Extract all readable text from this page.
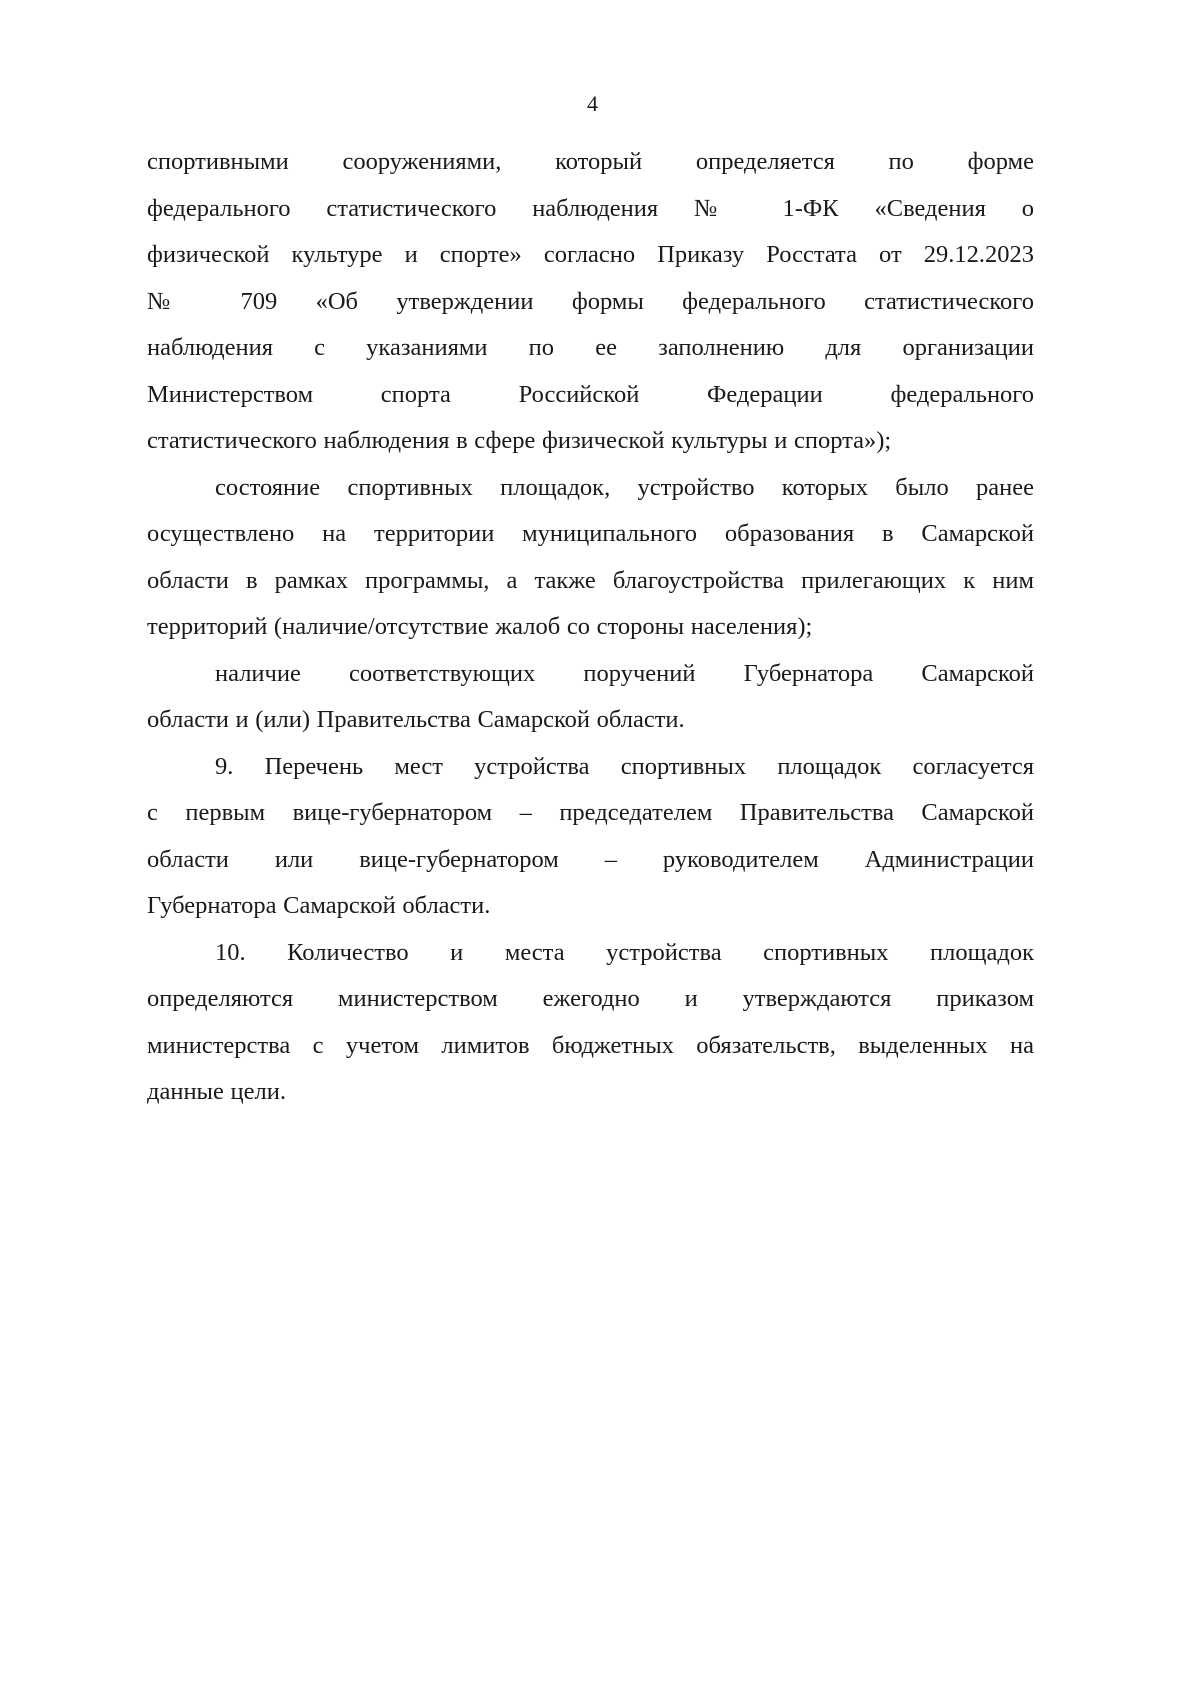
4
спортивными сооружениями, который определяется по форме
федерального статистического наблюдения № 1-ФК «Сведения о
физической культуре и спорте» согласно Приказу Росстата от 29.12.2023
№ 709 «Об утверждении формы федерального статистического
наблюдения с указаниями по ее заполнению для организации
Министерством спорта Российской Федерации федерального
статистического наблюдения в сфере физической культуры и спорта»);
состояние спортивных площадок, устройство которых было ранее
осуществлено на территории муниципального образования в Самарской
области в рамках программы, а также благоустройства прилегающих к ним
территорий (наличие/отсутствие жалоб со стороны населения);
наличие соответствующих поручений Губернатора Самарской
области и (или) Правительства Самарской области.
9. Перечень мест устройства спортивных площадок согласуется
с первым вице-губернатором – председателем Правительства Самарской
области или вице-губернатором – руководителем Администрации
Губернатора Самарской области.
10. Количество и места устройства спортивных площадок
определяются министерством ежегодно и утверждаются приказом
министерства с учетом лимитов бюджетных обязательств, выделенных на
данные цели.
